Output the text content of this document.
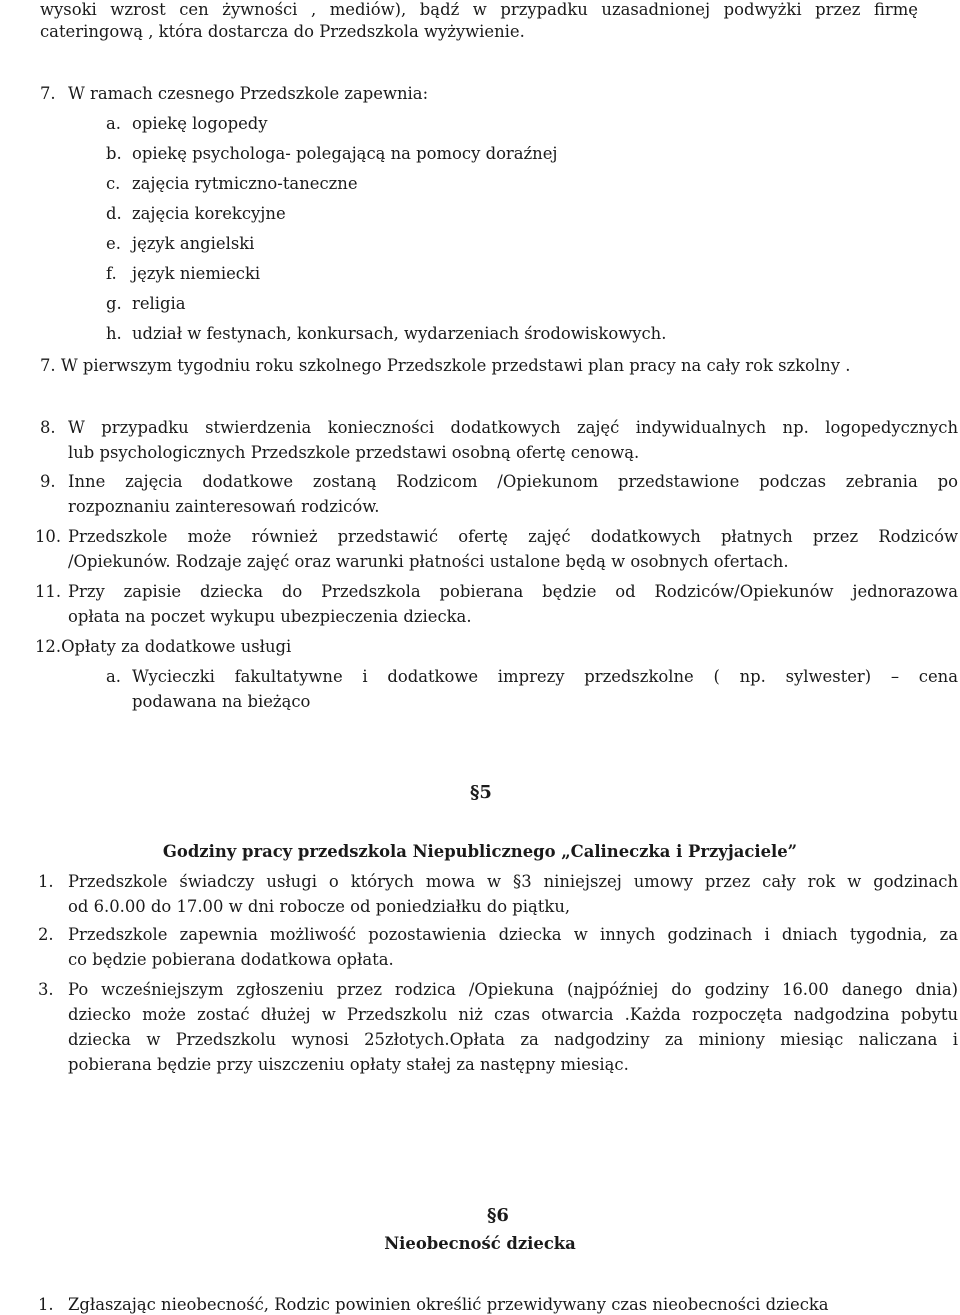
wysoki wzrost cen żywności , mediów), bądź w przypadku uzasadnionej podwyżki przez firmę
cateringową , która dostarcza do Przedszkola wyżywienie.
7. W ramach czesnego Przedszkole zapewnia:
a. opiekę logopedy
b. opiekę psychologa- polegającą na pomocy doraźnej
c. zajęcia rytmiczno-taneczne
d. zajęcia korekcyjne
e. język angielski
f. język niemiecki
g. religia
h. udział w festynach, konkursach, wydarzeniach środowiskowych.
7. W pierwszym tygodniu roku szkolnego Przedszkole przedstawi plan pracy na cały rok szkolny .
8. W przypadku stwierdzenia konieczności dodatkowych zajęć indywidualnych np. logopedycznych
lub psychologicznych Przedszkole przedstawi osobną ofertę cenową.
9. Inne zajęcia dodatkowe zostaną Rodzicom /Opiekunom przedstawione podczas zebrania po
rozpoznaniu zainteresowań rodziców.
10. Przedszkole może również przedstawić ofertę zajęć dodatkowych płatnych przez Rodziców
/Opiekunów. Rodzaje zajęć oraz warunki płatności ustalone będą w osobnych ofertach.
11. Przy zapisie dziecka do Przedszkola pobierana będzie od Rodziców/Opiekunów jednorazowa
opłata na poczet wykupu ubezpieczenia dziecka.
12.Opłaty za dodatkowe usługi
a. Wycieczki fakultatywne i dodatkowe imprezy przedszkolne ( np. sylwester) – cena
podawana na bieżąco
§5
Godziny pracy przedszkola Niepublicznego „Calineczka i Przyjaciele”
1. Przedszkole świadczy usługi o których mowa w §3 niniejszej umowy przez cały rok w godzinach
od 6.0.00 do 17.00 w dni robocze od poniedziałku do piątku,
2. Przedszkole zapewnia możliwość pozostawienia dziecka w innych godzinach i dniach tygodnia, za
co będzie pobierana dodatkowa opłata.
3. Po wcześniejszym zgłoszeniu przez rodzica /Opiekuna (najpóźniej do godziny 16.00 danego dnia)
dziecko może zostać dłużej w Przedszkolu niż czas otwarcia .Każda rozpoczęta nadgodzina pobytu
dziecka w Przedszkolu wynosi 25złotych.Opłata za nadgodziny za miniony miesiąc naliczana i
pobierana będzie przy uiszczeniu opłaty stałej za następny miesiąc.
§6
Nieobecność dziecka
1. Zgłaszając nieobecność, Rodzic powinien określić przewidywany czas nieobecności dziecka
